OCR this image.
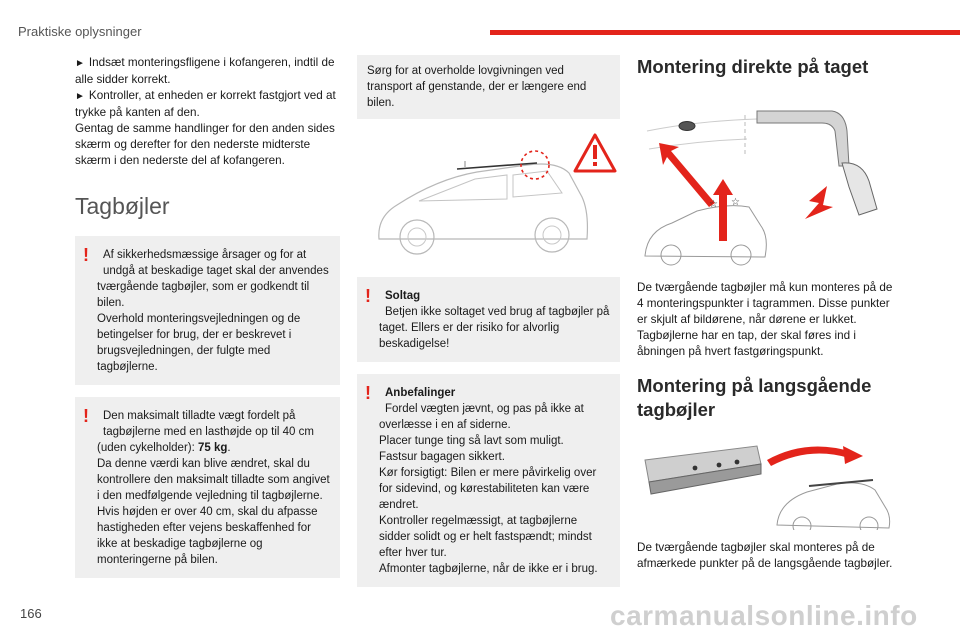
Praktiske oplysninger

► Indsæt monteringsfligene i kofangeren, indtil de alle sidder korrekt.

► Kontroller, at enheden er korrekt fastgjort ved at trykke på kanten af den.

Gentag de samme handlinger for den anden sides skærm og derefter for den nederste midterste skærm i den nederste del af kofangeren.

Tagbøjler
!	Af sikkerhedsmæssige årsager og for at undgå at beskadige taget skal der anvendes tværgående tagbøjler, som er godkendt til bilen.
Overhold monteringsvejledningen og de betingelser for brug, der er beskrevet i brugsvejledningen, der fulgte med tagbøjlerne.

!	Den maksimalt tilladte vægt fordelt på tagbøjlerne med en lasthøjde op til 40 cm (uden cykelholder): 75 kg.
Da denne værdi kan blive ændret, skal du kontrollere den maksimalt tilladte som angivet i den medfølgende vejledning til tagbøjlerne.
Hvis højden er over 40 cm, skal du afpasse hastigheden efter vejens beskaffenhed for ikke at beskadige tagbøjlerne og monteringerne på bilen.

Sørg for at overholde lovgivningen ved transport af genstande, der er længere end bilen.

!	Soltag
Betjen ikke soltaget ved brug af tagbøjler på taget. Ellers er der risiko for alvorlig beskadigelse!

!	Anbefalinger
Fordel vægten jævnt, og pas på ikke at overlæsse i en af siderne.
Placer tunge ting så lavt som muligt.
Fastsur bagagen sikkert.
Kør forsigtigt: Bilen er mere påvirkelig over for sidevind, og kørestabiliteten kan være ændret.
Kontroller regelmæssigt, at tagbøjlerne sidder solidt og er helt fastspændt; mindst efter hver tur.
Afmonter tagbøjlerne, når de ikke er i brug.

Montering direkte på taget
☆ ☆

De tværgående tagbøjler må kun monteres på de 4 monteringspunkter i tagrammen. Disse punkter er skjult af bildørene, når dørene er lukket.
Tagbøjlerne har en tap, der skal føres ind i åbningen på hvert fastgøringspunkt.

Montering på langsgående tagbøjler

De tværgående tagbøjler skal monteres på de afmærkede punkter på de langsgående tagbøjler.

166	carmanualsonline.info
